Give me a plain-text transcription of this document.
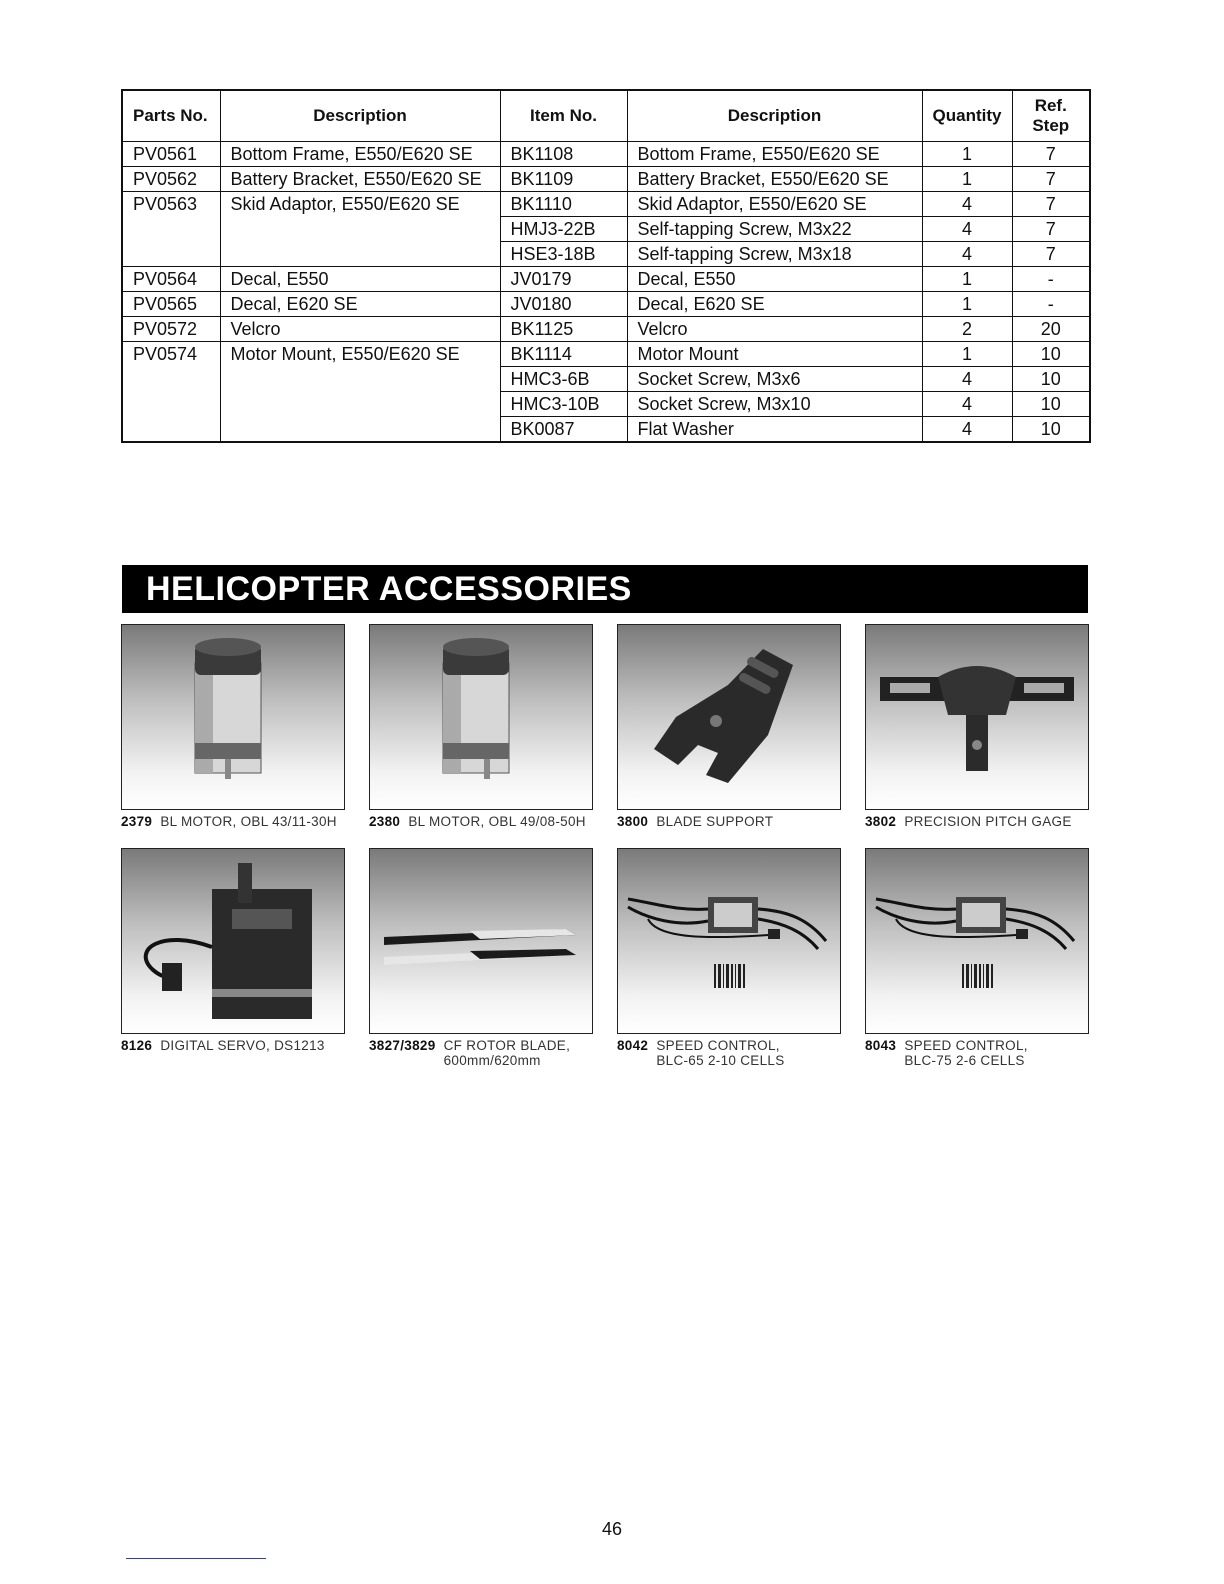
Parts No.	Description	Item No.	Description	Quantity	Ref.
Step
PV0561	Bottom Frame, E550/E620 SE	BK1108	Bottom Frame, E550/E620 SE	1	7
PV0562	Battery Bracket, E550/E620 SE	BK1109	Battery Bracket, E550/E620 SE	1	7
PV0563	Skid Adaptor, E550/E620 SE	BK1110	Skid Adaptor, E550/E620 SE	4	7
		HMJ3-22B	Self-tapping Screw, M3x22	4	7
		HSE3-18B	Self-tapping Screw, M3x18	4	7
PV0564	Decal, E550	JV0179	Decal, E550	1	-
PV0565	Decal, E620 SE	JV0180	Decal, E620 SE	1	-
PV0572	Velcro	BK1125	Velcro	2	20
PV0574	Motor Mount, E550/E620 SE	BK1114	Motor Mount	1	10
		HMC3-6B	Socket Screw, M3x6	4	10
		HMC3-10B	Socket Screw, M3x10	4	10
		BK0087	Flat Washer	4	10
HELICOPTER ACCESSORIES
2379 BL MOTOR, OBL 43/11-30H	2380 BL MOTOR, OBL 49/08-50H	3800 BLADE SUPPORT	3802 PRECISION PITCH GAGE
8126 DIGITAL SERVO, DS1213	3827/3829 CF ROTOR BLADE,
600mm/620mm
8042 SPEED CONTROL,
BLC-65 2-10 CELLS
8043 SPEED CONTROL,
BLC-75 2-6 CELLS
46
